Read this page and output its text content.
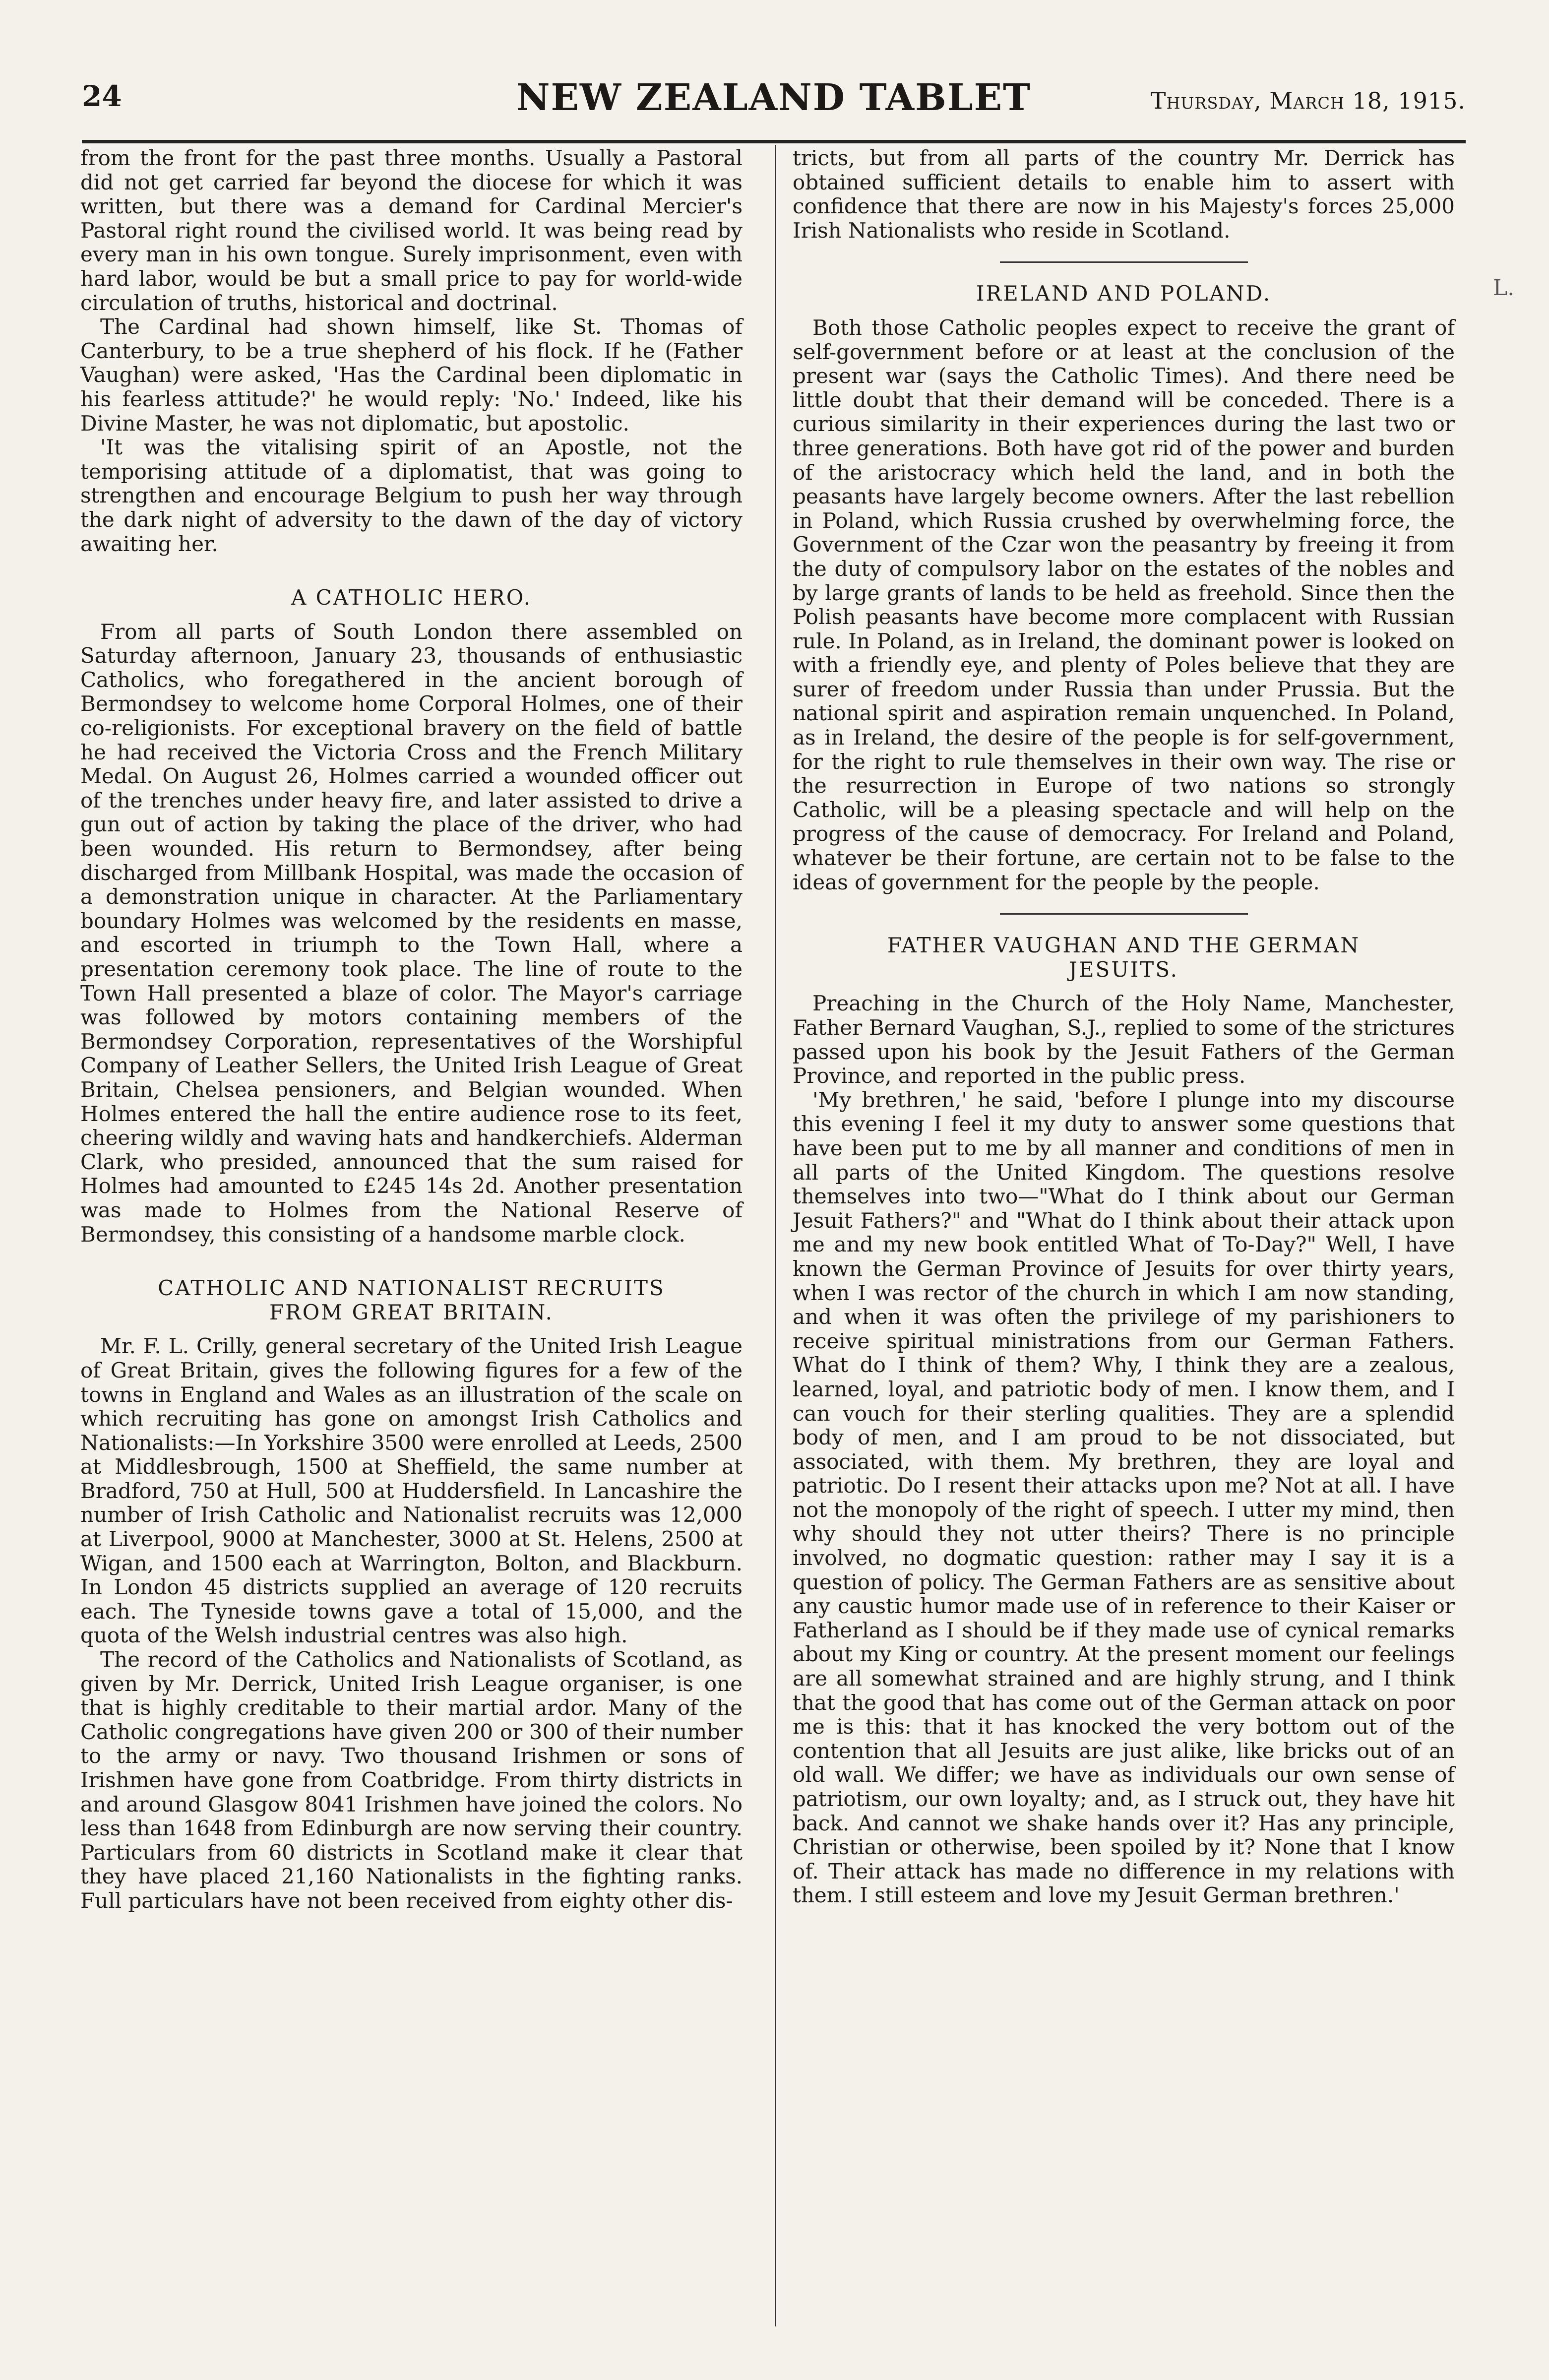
24	NEW ZEALAND TABLET	Thursday, March 18, 1915.

from the front for the past three months. Usually a Pastoral did not get carried far beyond the diocese for which it was written, but there was a demand for Cardinal Mercier's Pastoral right round the civilised world. It was being read by every man in his own tongue. Surely imprisonment, even with hard labor, would be but a small price to pay for world-wide circulation of truths, historical and doctrinal.

The Cardinal had shown himself, like St. Thomas of Canterbury, to be a true shepherd of his flock. If he (Father Vaughan) were asked, 'Has the Cardinal been diplomatic in his fearless attitude?' he would reply: 'No.' Indeed, like his Divine Master, he was not diplomatic, but apostolic.

'It was the vitalising spirit of an Apostle, not the temporising attitude of a diplomatist, that was going to strengthen and encourage Belgium to push her way through the dark night of adversity to the dawn of the day of victory awaiting her.

A CATHOLIC HERO.

From all parts of South London there assembled on Saturday afternoon, January 23, thousands of enthusiastic Catholics, who foregathered in the ancient borough of Bermondsey to welcome home Corporal Holmes, one of their co-religionists. For exceptional bravery on the field of battle he had received the Victoria Cross and the French Military Medal. On August 26, Holmes carried a wounded officer out of the trenches under heavy fire, and later assisted to drive a gun out of action by taking the place of the driver, who had been wounded. His return to Bermondsey, after being discharged from Millbank Hospital, was made the occasion of a demonstration unique in character. At the Parliamentary boundary Holmes was welcomed by the residents en masse, and escorted in triumph to the Town Hall, where a presentation ceremony took place. The line of route to the Town Hall presented a blaze of color. The Mayor's carriage was followed by motors containing members of the Bermondsey Corporation, representatives of the Worshipful Company of Leather Sellers, the United Irish League of Great Britain, Chelsea pensioners, and Belgian wounded. When Holmes entered the hall the entire audience rose to its feet, cheering wildly and waving hats and handkerchiefs. Alderman Clark, who presided, announced that the sum raised for Holmes had amounted to £245 14s 2d. Another presentation was made to Holmes from the National Reserve of Bermondsey, this consisting of a handsome marble clock.

CATHOLIC AND NATIONALIST RECRUITS
FROM GREAT BRITAIN.

Mr. F. L. Crilly, general secretary of the United Irish League of Great Britain, gives the following figures for a few of the towns in England and Wales as an illustration of the scale on which recruiting has gone on amongst Irish Catholics and Nationalists:—In Yorkshire 3500 were enrolled at Leeds, 2500 at Middlesbrough, 1500 at Sheffield, the same number at Bradford, 750 at Hull, 500 at Huddersfield. In Lancashire the number of Irish Catholic and Nationalist recruits was 12,000 at Liverpool, 9000 at Manchester, 3000 at St. Helens, 2500 at Wigan, and 1500 each at Warrington, Bolton, and Blackburn. In London 45 districts supplied an average of 120 recruits each. The Tyneside towns gave a total of 15,000, and the quota of the Welsh industrial centres was also high.

The record of the Catholics and Nationalists of Scotland, as given by Mr. Derrick, United Irish League organiser, is one that is highly creditable to their martial ardor. Many of the Catholic congregations have given 200 or 300 of their number to the army or navy. Two thousand Irishmen or sons of Irishmen have gone from Coatbridge. From thirty districts in and around Glasgow 8041 Irishmen have joined the colors. No less than 1648 from Edinburgh are now serving their country. Particulars from 60 districts in Scotland make it clear that they have placed 21,160 Nationalists in the fighting ranks. Full particulars have not been received from eighty other dis-

tricts, but from all parts of the country Mr. Derrick has obtained sufficient details to enable him to assert with confidence that there are now in his Majesty's forces 25,000 Irish Nationalists who reside in Scotland.

IRELAND AND POLAND.

Both those Catholic peoples expect to receive the grant of self-government before or at least at the conclusion of the present war (says the Catholic Times). And there need be little doubt that their demand will be conceded. There is a curious similarity in their experiences during the last two or three generations. Both have got rid of the power and burden of the aristocracy which held the land, and in both the peasants have largely become owners. After the last rebellion in Poland, which Russia crushed by overwhelming force, the Government of the Czar won the peasantry by freeing it from the duty of compulsory labor on the estates of the nobles and by large grants of lands to be held as freehold. Since then the Polish peasants have become more complacent with Russian rule. In Poland, as in Ireland, the dominant power is looked on with a friendly eye, and plenty of Poles believe that they are surer of freedom under Russia than under Prussia. But the national spirit and aspiration remain unquenched. In Poland, as in Ireland, the desire of the people is for self-government, for the right to rule themselves in their own way. The rise or the resurrection in Europe of two nations so strongly Catholic, will be a pleasing spectacle and will help on the progress of the cause of democracy. For Ireland and Poland, whatever be their fortune, are certain not to be false to the ideas of government for the people by the people.

FATHER VAUGHAN AND THE GERMAN
JESUITS.

Preaching in the Church of the Holy Name, Manchester, Father Bernard Vaughan, S.J., replied to some of the strictures passed upon his book by the Jesuit Fathers of the German Province, and reported in the public press.

'My brethren,' he said, 'before I plunge into my discourse this evening I feel it my duty to answer some questions that have been put to me by all manner and conditions of men in all parts of the United Kingdom. The questions resolve themselves into two—"What do I think about our German Jesuit Fathers?" and "What do I think about their attack upon me and my new book entitled What of To-Day?" Well, I have known the German Province of Jesuits for over thirty years, when I was rector of the church in which I am now standing, and when it was often the privilege of my parishioners to receive spiritual ministrations from our German Fathers. What do I think of them? Why, I think they are a zealous, learned, loyal, and patriotic body of men. I know them, and I can vouch for their sterling qualities. They are a splendid body of men, and I am proud to be not dissociated, but associated, with them. My brethren, they are loyal and patriotic. Do I resent their attacks upon me? Not at all. I have not the monopoly of the right of speech. I utter my mind, then why should they not utter theirs? There is no principle involved, no dogmatic question: rather may I say it is a question of policy. The German Fathers are as sensitive about any caustic humor made use of in reference to their Kaiser or Fatherland as I should be if they made use of cynical remarks about my King or country. At the present moment our feelings are all somewhat strained and are highly strung, and I think that the good that has come out of the German attack on poor me is this: that it has knocked the very bottom out of the contention that all Jesuits are just alike, like bricks out of an old wall. We differ; we have as individuals our own sense of patriotism, our own loyalty; and, as I struck out, they have hit back. And cannot we shake hands over it? Has any principle, Christian or otherwise, been spoiled by it? None that I know of. Their attack has made no difference in my relations with them. I still esteem and love my Jesuit German brethren.'

L.
